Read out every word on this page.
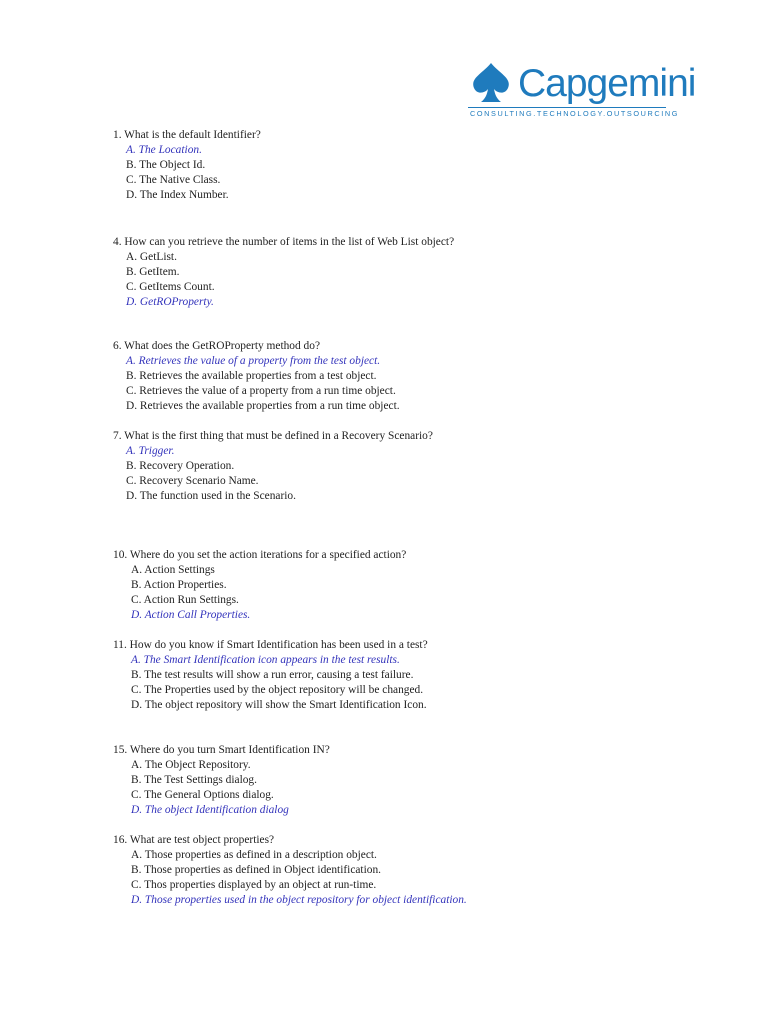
Capgemini
CONSULTING.TECHNOLOGY.OUTSOURCING

1. What is the default Identifier?

A. The Location.
B. The Object Id.
C. The Native Class.
D. The Index Number.

4. How can you retrieve the number of items in the list of Web List object?

A. GetList.
B. GetItem.
C. GetItems Count.
D. GetROProperty.

6. What does the GetROProperty method do?

A. Retrieves the value of a property from the test object.
B. Retrieves the available properties from a test object.
C. Retrieves the value of a property from a run time object.
D. Retrieves the available properties from a run time object.

7. What is the first thing that must be defined in a Recovery Scenario?

A. Trigger.
B. Recovery Operation.
C. Recovery Scenario Name.
D. The function used in the Scenario.

10. Where do you set the action iterations for a specified action?

A. Action Settings
B. Action Properties.
C. Action Run Settings.
D. Action Call Properties.

11. How do you know if Smart Identification has been used in a test?

A. The Smart Identification icon appears in the test results.
B. The test results will show a run error, causing a test failure.
C. The Properties used by the object repository will be changed.
D. The object repository will show the Smart Identification Icon.

15. Where do you turn Smart Identification IN?

A. The Object Repository.
B. The Test Settings dialog.
C. The General Options dialog.
D. The object Identification dialog

16. What are test object properties?

A. Those properties as defined in a description object.
B. Those properties as defined in Object identification.
C. Thos properties displayed by an object at run-time.
D. Those properties used in the object repository for object identification.
